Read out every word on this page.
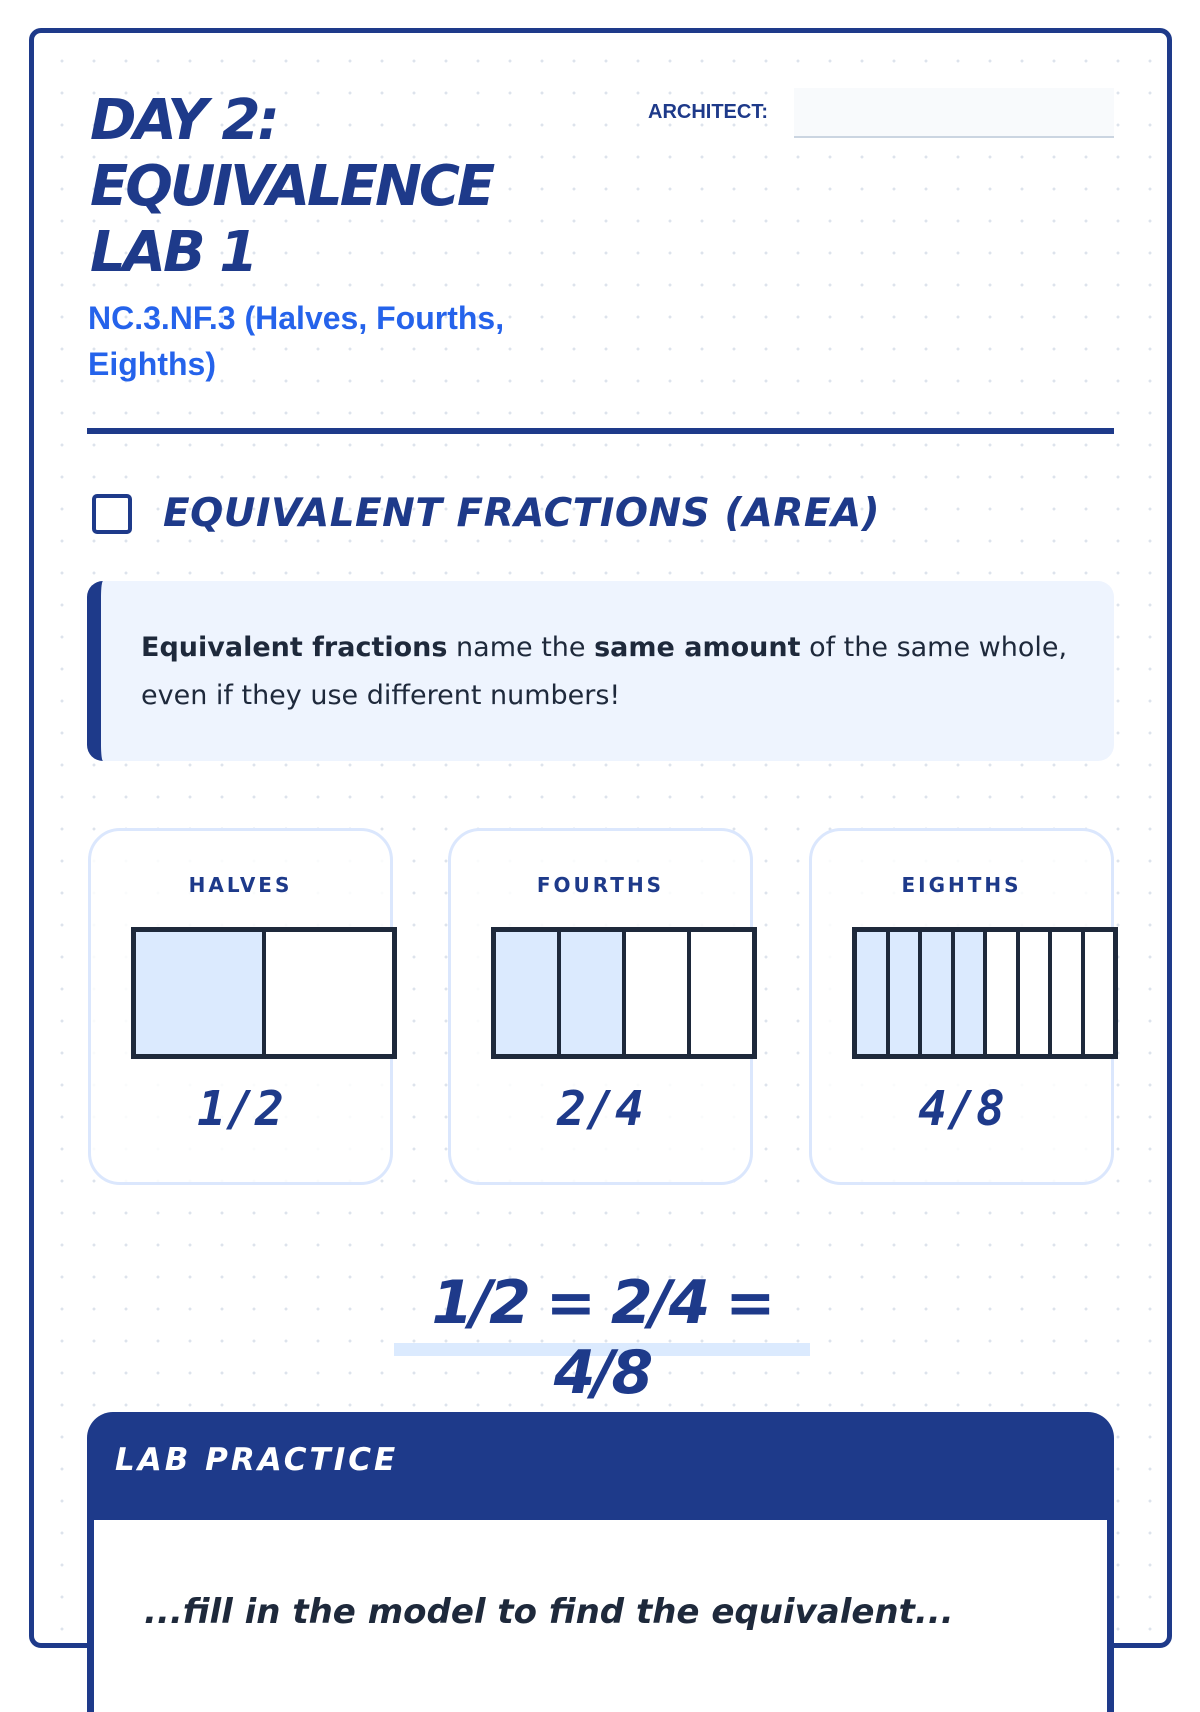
DAY 2:
EQUIVALENCE
LAB 1
NC.3.NF.3 (Halves, Fourths, Eighths)
ARCHITECT:
EQUIVALENT FRACTIONS (AREA)
Equivalent fractions name the same amount of the same whole, even if they use different numbers!
HALVES
1/2
FOURTHS
2/4
EIGHTHS
4/8
1/2 = 2/4 = 4/8
LAB PRACTICE
...fill in the model to find the equivalent...
